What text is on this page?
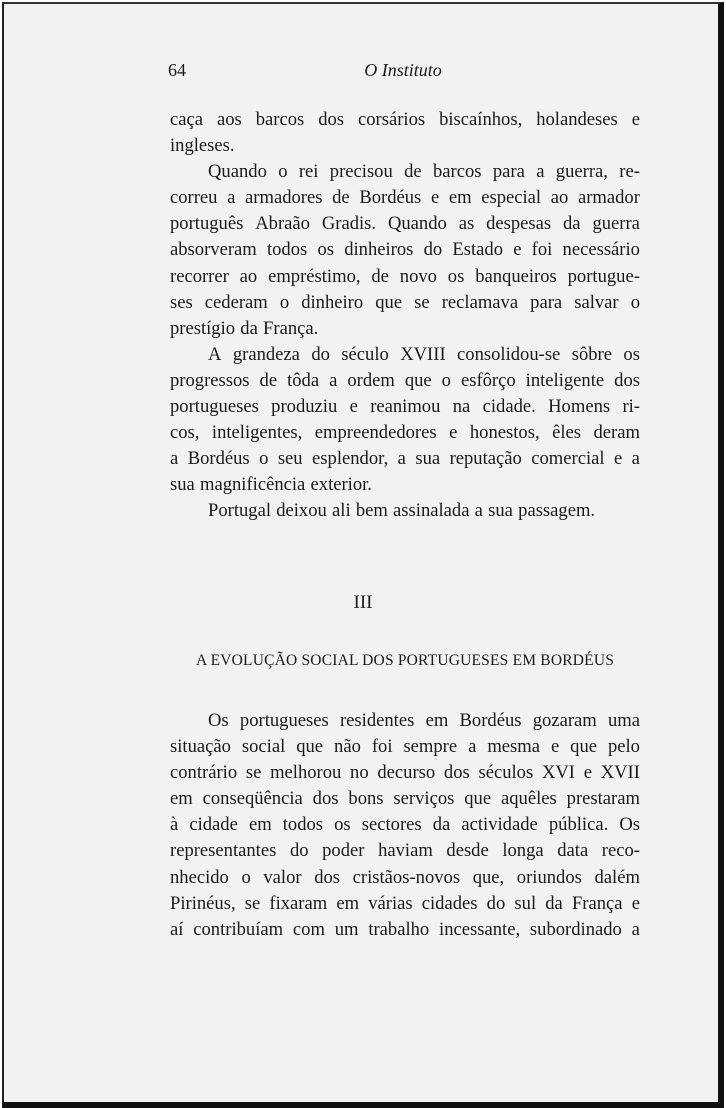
64	O Instituto
caça aos barcos dos corsários biscaínhos, holandeses e
ingleses.
Quando o rei precisou de barcos para a guerra, re-
correu a armadores de Bordéus e em especial ao armador
português Abraão Gradis. Quando as despesas da guerra
absorveram todos os dinheiros do Estado e foi necessário
recorrer ao empréstimo, de novo os banqueiros portugue-
ses cederam o dinheiro que se reclamava para salvar o
prestígio da França.
A grandeza do século XVIII consolidou-se sôbre os
progressos de tôda a ordem que o esfôrço inteligente dos
portugueses produziu e reanimou na cidade. Homens ri-
cos, inteligentes, empreendedores e honestos, êles deram
a Bordéus o seu esplendor, a sua reputação comercial e a
sua magnificência exterior.
Portugal deixou ali bem assinalada a sua passagem.
III
A EVOLUÇÃO SOCIAL DOS PORTUGUESES EM BORDÉUS
Os portugueses residentes em Bordéus gozaram uma
situação social que não foi sempre a mesma e que pelo
contrário se melhorou no decurso dos séculos XVI e XVII
em conseqüência dos bons serviços que aquêles prestaram
à cidade em todos os sectores da actividade pública. Os
representantes do poder haviam desde longa data reco-
nhecido o valor dos cristãos-novos que, oriundos dalém
Pirinéus, se fixaram em várias cidades do sul da França e
aí contribuíam com um trabalho incessante, subordinado a
